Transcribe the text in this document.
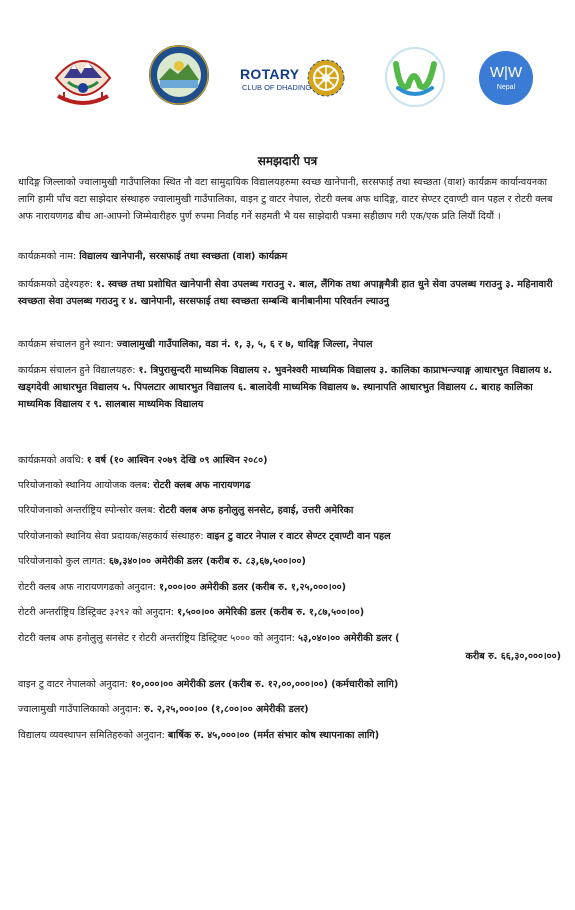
ROTARY
CLUB OF DHADING
W|W
Nepal
समझदारी पत्र

धादिङ्ग जिल्लाको ज्वालामुखी गाउँपालिका स्थित नौ वटा सामुदायिक विद्यालयहरुमा स्वच्छ खानेपानी, सरसफाई तथा स्वच्छता (वाश) कार्यक्रम कार्यान्वयनका लागि हामी पाँच वटा साझेदार संस्थाहरु ज्वालामुखी गाउँपालिका, वाइन टु वाटर नेपाल, रोटरी क्लब अफ धादिङ्ग, वाटर सेण्टर ट्वाण्टी वान पहल र रोटरी क्लब अफ नारायणगढ बीच आ-आफ्नो जिम्मेवारीहरु पुर्ण रुपमा निर्वाह गर्ने सहमती भै यस साझेदारी पत्रमा सहीछाप गरी एक/एक प्रति लियौं दियौं ।

कार्यक्रमको नाम: विद्यालय खानेपानी, सरसफाई तथा स्वच्छता (वाश) कार्यक्रम
कार्यक्रमको उद्देश्यहरु: १. स्वच्छ तथा प्रशोधित खानेपानी सेवा उपलब्ध गराउनु २. बाल, लैंगिक तथा अपाङ्गमैत्री हात धुने सेवा उपलब्ध गराउनु ३. महिनावारी स्वच्छता सेवा उपलब्ध गराउनु र ४. खानेपानी, सरसफाई तथा स्वच्छता सम्बन्धि बानीबानीमा परिवर्तन ल्याउनु
कार्यक्रम संचालन हुने स्थान: ज्वालामुखी गाउँपालिका, वडा नं. १, ३, ५, ६ र ७, धादिङ्ग जिल्ला, नेपाल
कार्यक्रम संचालन हुने विद्यालयहरु: १. त्रिपुरासुन्दरी माध्यमिक विद्यालय २. भुवनेश्वरी माध्यमिक विद्यालय ३. कालिका काप्राभन्ज्याङ्ग आधारभुत विद्यालय ४. खड्गदेवी आधारभुत विद्यालय ५. पिपलटार आधारभुत विद्यालय ६. बालादेवी माध्यमिक विद्यालय ७. स्थानापति आधारभुत विद्यालय ८. बाराह कालिका माध्यमिक विद्यालय र ९. सालबास माध्यमिक विद्यालय
कार्यक्रमको अवधि: १ वर्ष (१० आश्विन २०७९ देखि ०९ आश्विन २०८०)
परियोजनाको स्थानिय आयोजक क्लब: रोटरी क्लब अफ नारायणगढ
परियोजनाको अन्तर्राष्ट्रिय स्पोन्सोर क्लब: रोटरी क्लब अफ हनोलुलु सनसेट, हवाई, उत्तरी अमेरिका
परियोजनाको स्थानिय सेवा प्रदायक/सहकार्य संस्थाहरु: वाइन टु वाटर नेपाल र वाटर सेण्टर ट्वाण्टी वान पहल
परियोजनाको कुल लागत: ६७,३४०।०० अमेरीकी डलर (करीब रु. ८३,६७,५००।००)
रोटरी क्लब अफ नारायणगढको अनुदान: १,०००।०० अमेरीकी डलर (करीब रु. १,२५,०००।००)
रोटरी अन्तर्राष्ट्रिय डिस्ट्रिक्ट ३२९२ को अनुदान: १,५००।०० अमेरिकी डलर (करीब रु. १,८७,५००।००)
रोटरी क्लब अफ हनोलुलु सनसेट र रोटरी अन्तर्राष्ट्रिय डिस्ट्रिक्ट ५००० को अनुदान: ५३,०४०।०० अमेरीकी डलर (
करीब रु. ६६,३०,०००।००)
वाइन टु वाटर नेपालको अनुदान: १०,०००।०० अमेरीकी डलर (करीब रु. १२,००,०००।००) (कर्मचारीको लागि)
ज्वालामुखी गाउँपालिकाको अनुदान: रु. २,२५,०००।०० (१,८००।०० अमेरीकी डलर)
विद्यालय व्यवस्थापन समितिहरुको अनुदान: बार्षिक रु. ४५,०००।०० (मर्मत संभार कोष स्थापनाका लागि)
